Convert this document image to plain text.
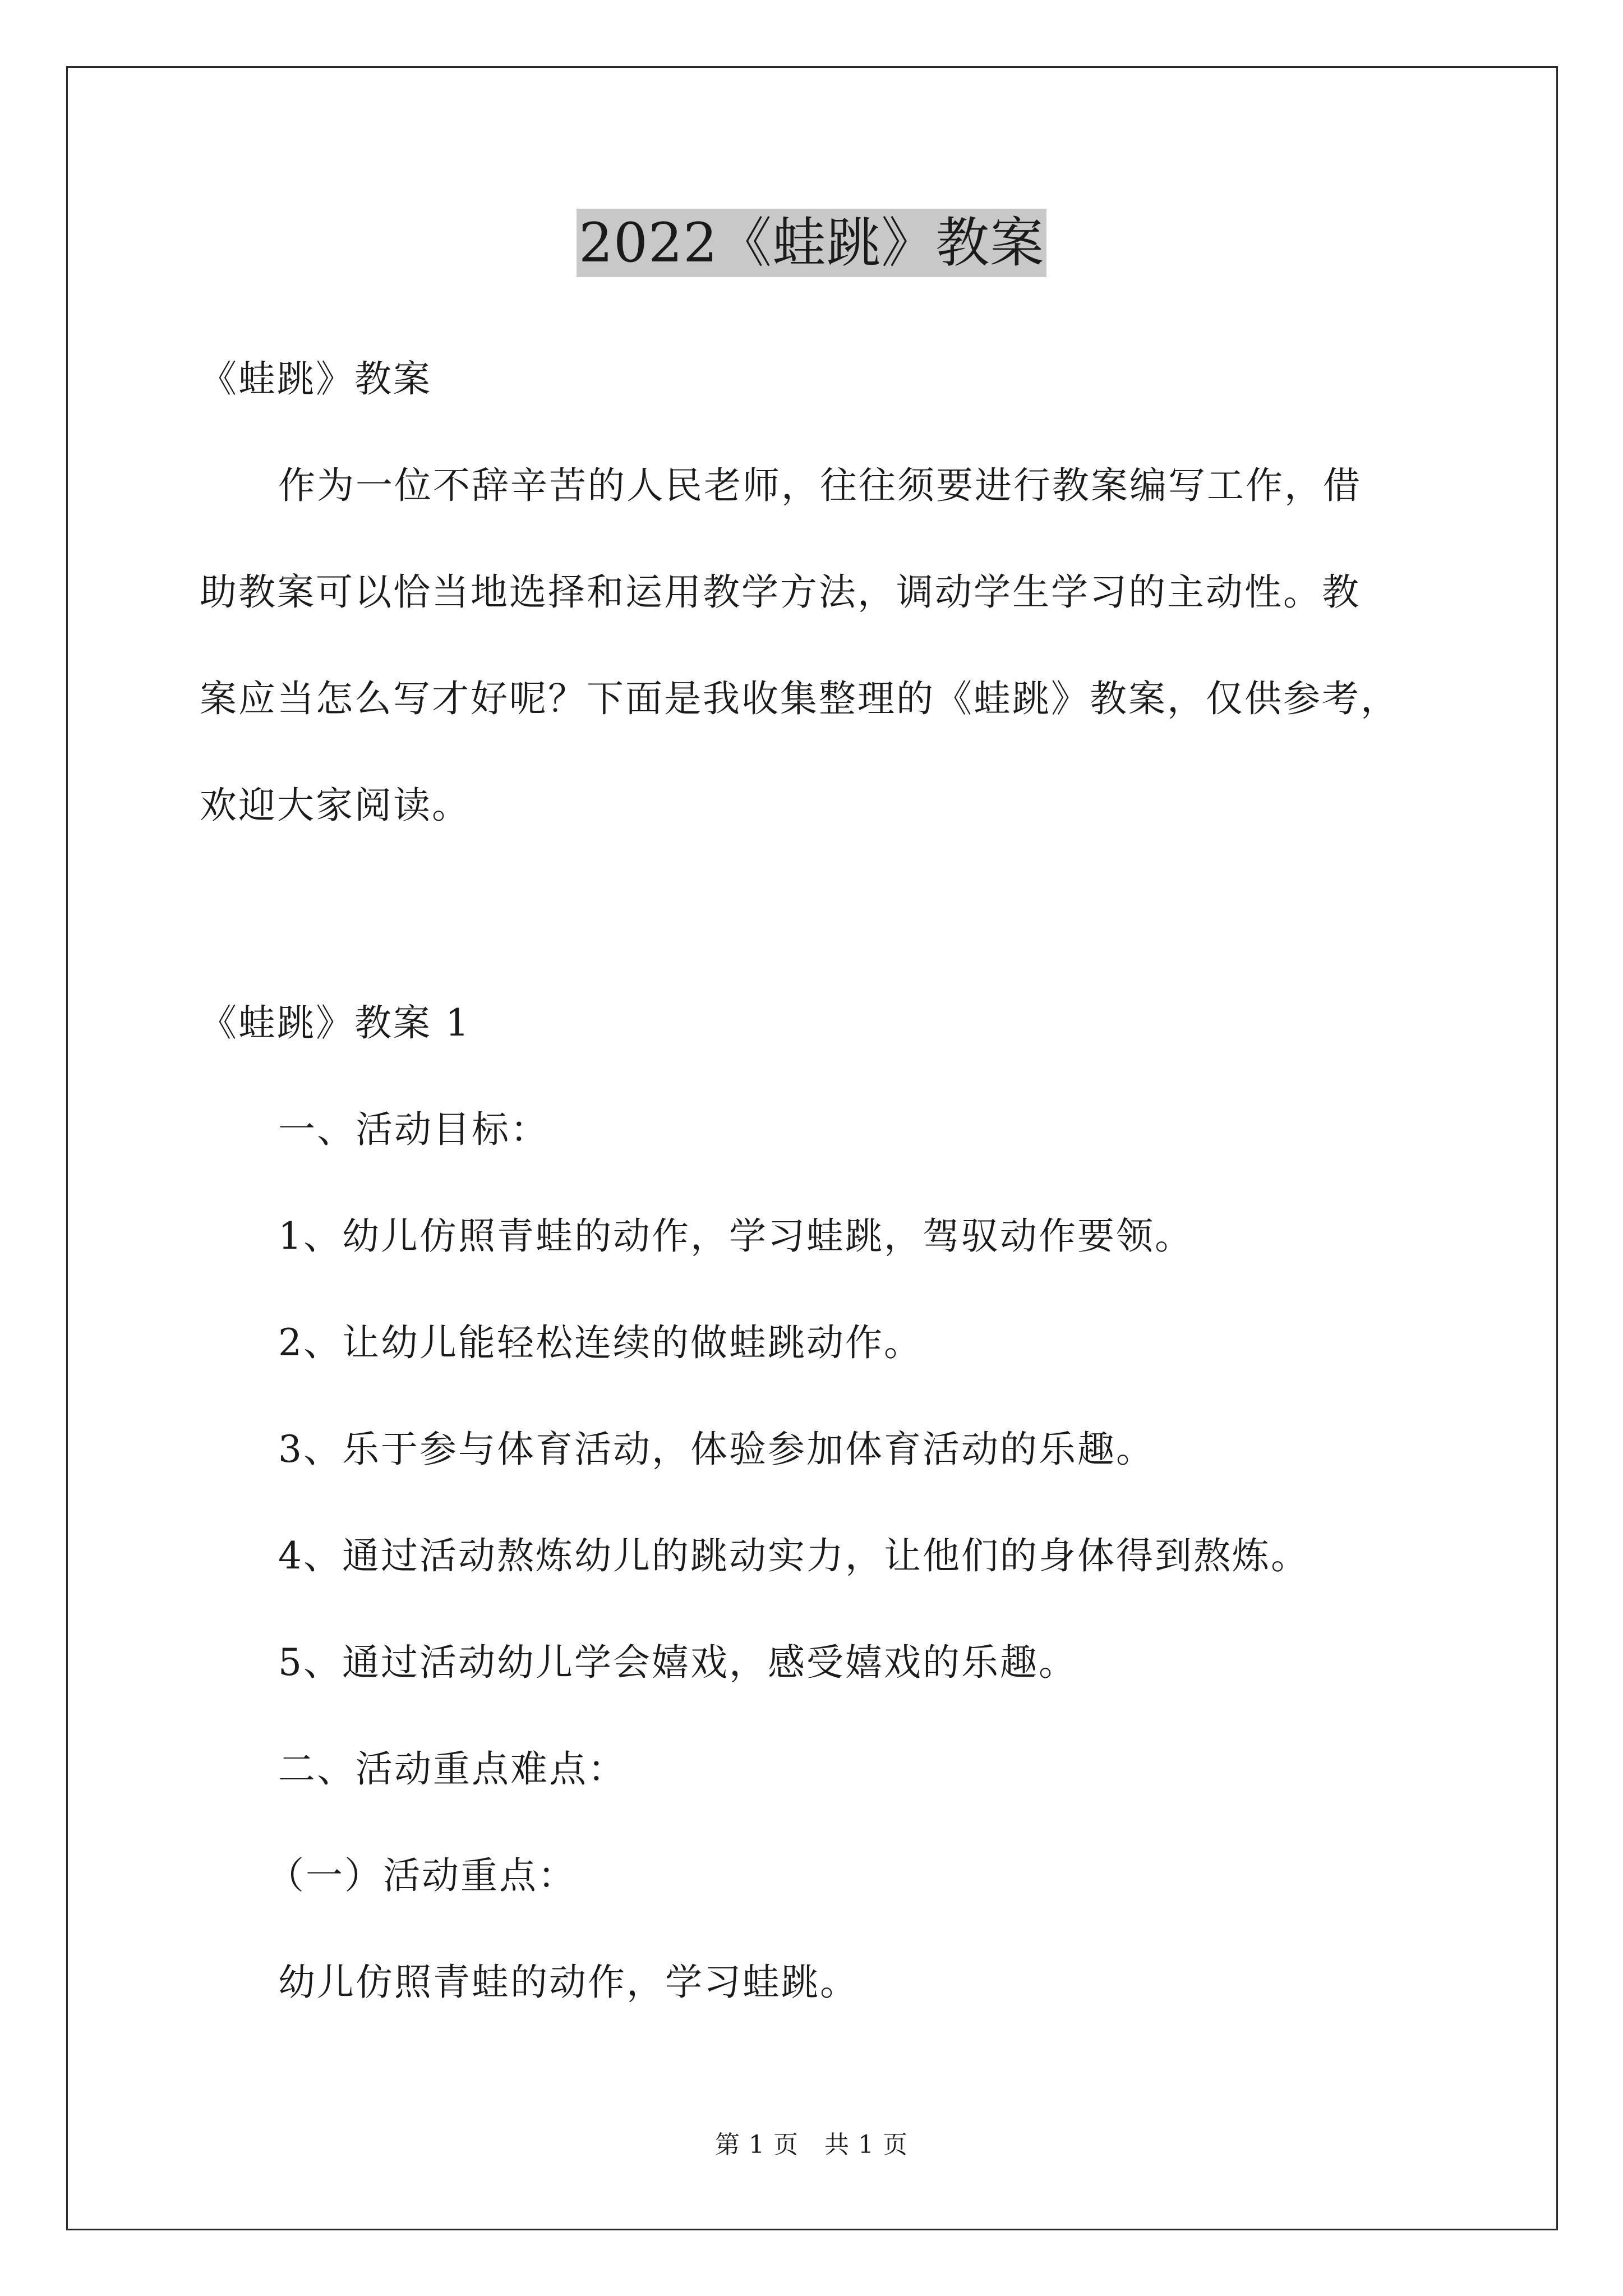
2022《蛙跳》教案
《蛙跳》教案
作为一位不辞辛苦的人民老师，往往须要进行教案编写工作，借
助教案可以恰当地选择和运用教学方法，调动学生学习的主动性。教
案应当怎么写才好呢？下面是我收集整理的《蛙跳》教案，仅供参考，
欢迎大家阅读。
《蛙跳》教案 1
一、活动目标：
1、幼儿仿照青蛙的动作，学习蛙跳，驾驭动作要领。
2、让幼儿能轻松连续的做蛙跳动作。
3、乐于参与体育活动，体验参加体育活动的乐趣。
4、通过活动熬炼幼儿的跳动实力，让他们的身体得到熬炼。
5、通过活动幼儿学会嬉戏，感受嬉戏的乐趣。
二、活动重点难点：
（一）活动重点：
幼儿仿照青蛙的动作，学习蛙跳。
第 1 页 共 1 页
